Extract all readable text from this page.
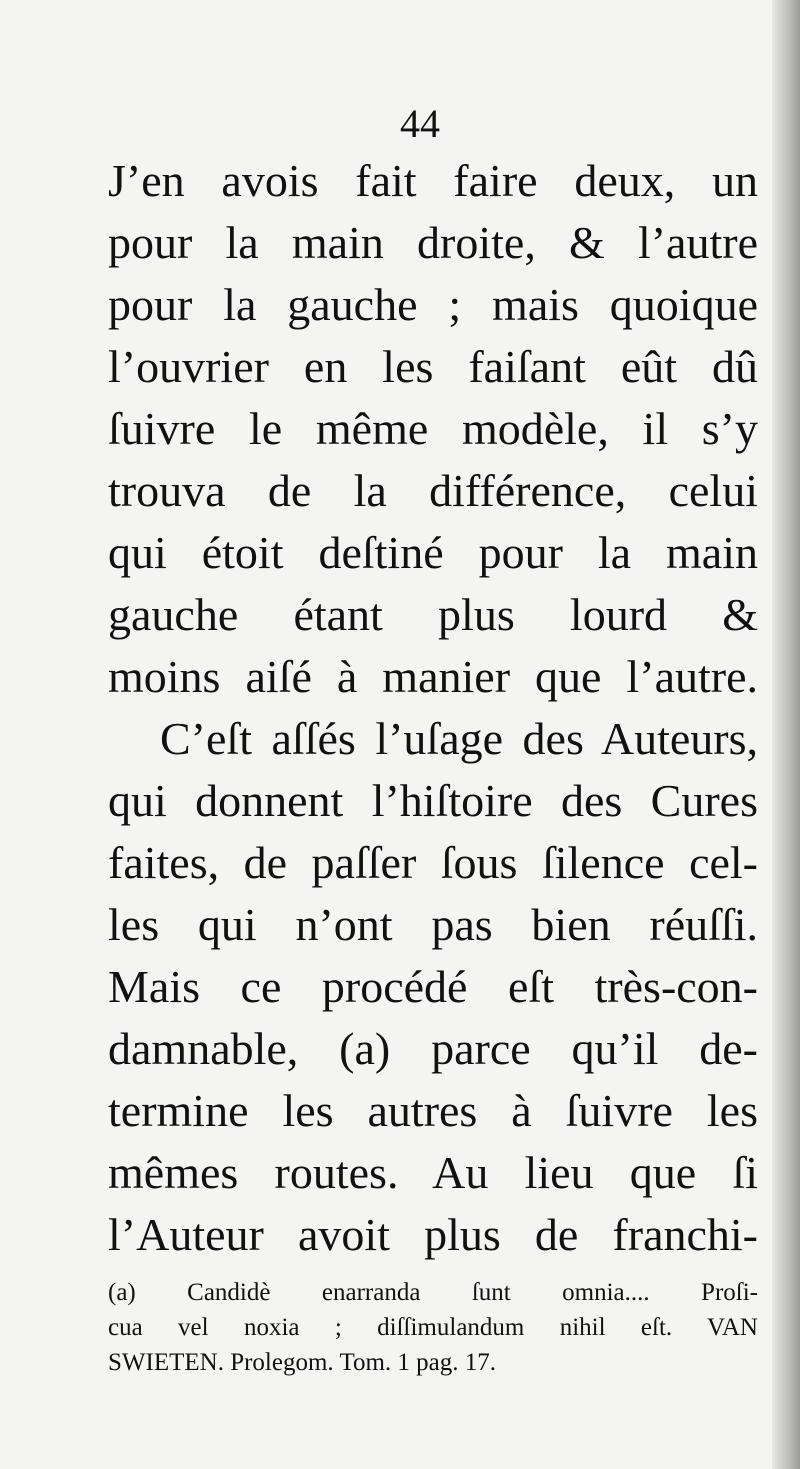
44
J’en avois fait faire deux, un
pour la main droite, & l’autre
pour la gauche ; mais quoique
l’ouvrier en les faiſant eût dû
ſuivre le même modèle, il s’y
trouva de la différence, celui
qui étoit deſtiné pour la main
gauche étant plus lourd &
moins aiſé à manier que l’autre.
C’eſt aſſés l’uſage des Auteurs,
qui donnent l’hiſtoire des Cures
faites, de paſſer ſous ſilence cel-
les qui n’ont pas bien réuſſi.
Mais ce procédé eſt très-con-
damnable, (a) parce qu’il de-
termine les autres à ſuivre les
mêmes routes. Au lieu que ſi
l’Auteur avoit plus de franchi-
(a) Candidè enarranda ſunt omnia.... Proſi-
cua vel noxia ; diſſimulandum nihil eſt. VAN
SWIETEN. Prolegom. Tom. 1 pag. 17.
